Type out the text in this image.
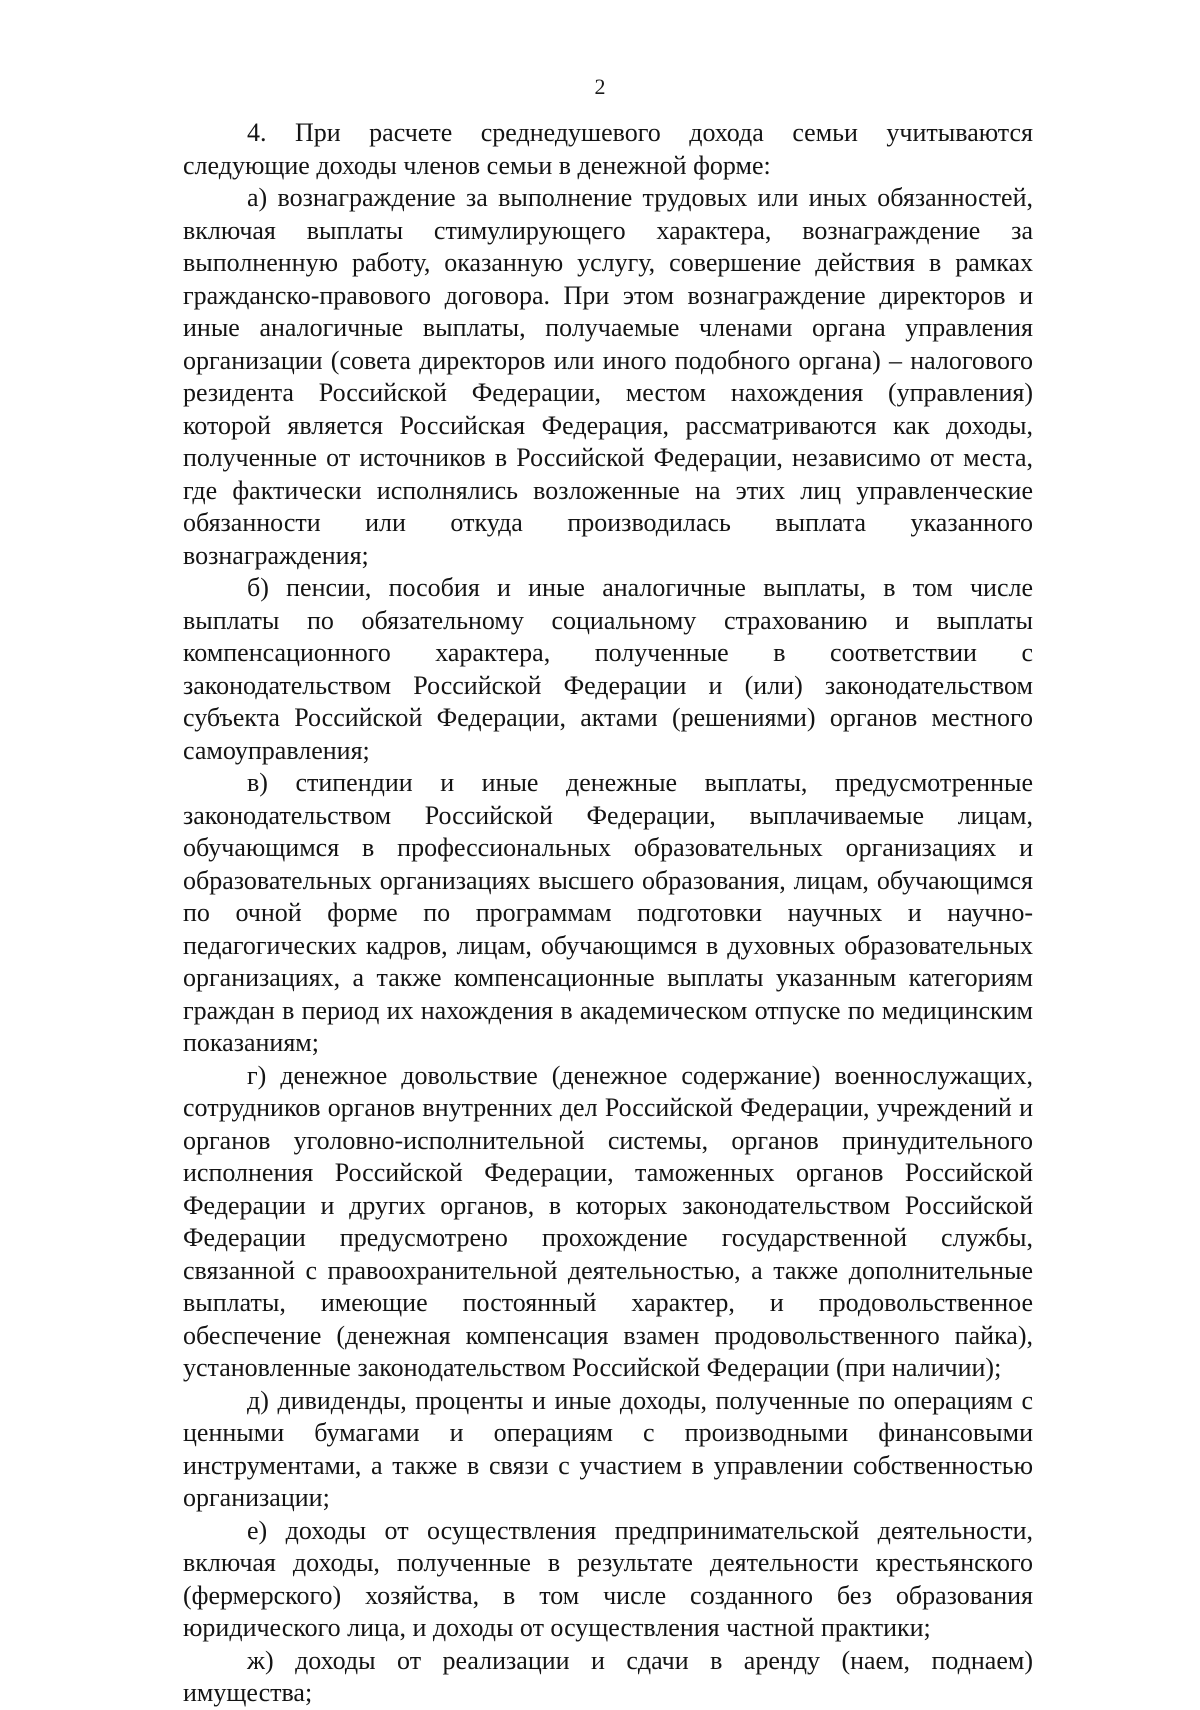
2

4. При расчете среднедушевого дохода семьи учитываются следующие доходы членов семьи в денежной форме:

а) вознаграждение за выполнение трудовых или иных обязанностей, включая выплаты стимулирующего характера, вознаграждение за выполненную работу, оказанную услугу, совершение действия в рамках гражданско-правового договора. При этом вознаграждение директоров и иные аналогичные выплаты, получаемые членами органа управления организации (совета директоров или иного подобного органа) – налогового резидента Российской Федерации, местом нахождения (управления) которой является Российская Федерация, рассматриваются как доходы, полученные от источников в Российской Федерации, независимо от места, где фактически исполнялись возложенные на этих лиц управленческие обязанности или откуда производилась выплата указанного вознаграждения;

б) пенсии, пособия и иные аналогичные выплаты, в том числе выплаты по обязательному социальному страхованию и выплаты компенсационного характера, полученные в соответствии с законодательством Российской Федерации и (или) законодательством субъекта Российской Федерации, актами (решениями) органов местного самоуправления;

в) стипендии и иные денежные выплаты, предусмотренные законодательством Российской Федерации, выплачиваемые лицам, обучающимся в профессиональных образовательных организациях и образовательных организациях высшего образования, лицам, обучающимся по очной форме по программам подготовки научных и научно-педагогических кадров, лицам, обучающимся в духовных образовательных организациях, а также компенсационные выплаты указанным категориям граждан в период их нахождения в академическом отпуске по медицинским показаниям;

г) денежное довольствие (денежное содержание) военнослужащих, сотрудников органов внутренних дел Российской Федерации, учреждений и органов уголовно-исполнительной системы, органов принудительного исполнения Российской Федерации, таможенных органов Российской Федерации и других органов, в которых законодательством Российской Федерации предусмотрено прохождение государственной службы, связанной с правоохранительной деятельностью, а также дополнительные выплаты, имеющие постоянный характер, и продовольственное обеспечение (денежная компенсация взамен продовольственного пайка), установленные законодательством Российской Федерации (при наличии);

д) дивиденды, проценты и иные доходы, полученные по операциям с ценными бумагами и операциям с производными финансовыми инструментами, а также в связи с участием в управлении собственностью организации;

е) доходы от осуществления предпринимательской деятельности, включая доходы, полученные в результате деятельности крестьянского (фермерского) хозяйства, в том числе созданного без образования юридического лица, и доходы от осуществления частной практики;

ж) доходы от реализации и сдачи в аренду (наем, поднаем) имущества;
